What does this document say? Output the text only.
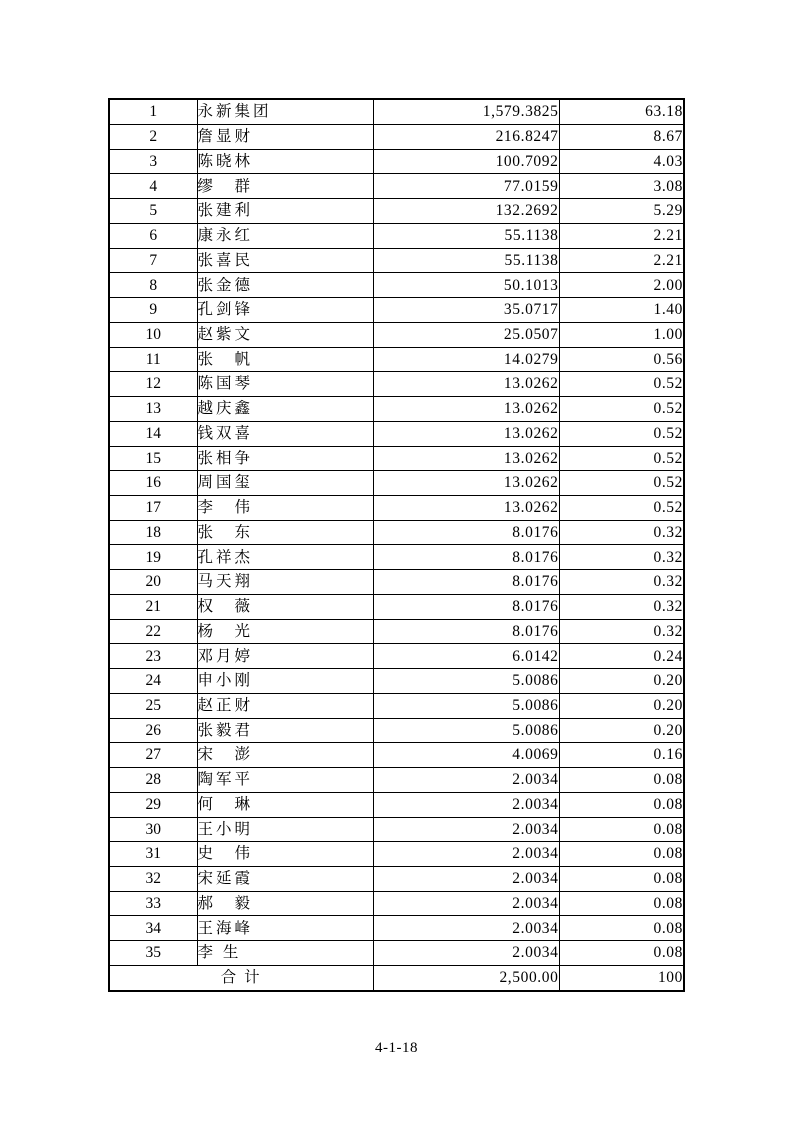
1	永新集团	1,579.3825	63.18
2	詹显财	216.8247	8.67
3	陈晓林	100.7092	4.03
4	缪　群	77.0159	3.08
5	张建利	132.2692	5.29
6	康永红	55.1138	2.21
7	张喜民	55.1138	2.21
8	张金德	50.1013	2.00
9	孔剑锋	35.0717	1.40
10	赵紫文	25.0507	1.00
11	张　帆	14.0279	0.56
12	陈国琴	13.0262	0.52
13	越庆鑫	13.0262	0.52
14	钱双喜	13.0262	0.52
15	张相争	13.0262	0.52
16	周国玺	13.0262	0.52
17	李　伟	13.0262	0.52
18	张　东	8.0176	0.32
19	孔祥杰	8.0176	0.32
20	马天翔	8.0176	0.32
21	权　薇	8.0176	0.32
22	杨　光	8.0176	0.32
23	邓月婷	6.0142	0.24
24	申小刚	5.0086	0.20
25	赵正财	5.0086	0.20
26	张毅君	5.0086	0.20
27	宋　澎	4.0069	0.16
28	陶军平	2.0034	0.08
29	何　琳	2.0034	0.08
30	王小明	2.0034	0.08
31	史　伟	2.0034	0.08
32	宋延霞	2.0034	0.08
33	郝　毅	2.0034	0.08
34	王海峰	2.0034	0.08
35	李 生	2.0034	0.08
合 计		2,500.00	100
4-1-18
